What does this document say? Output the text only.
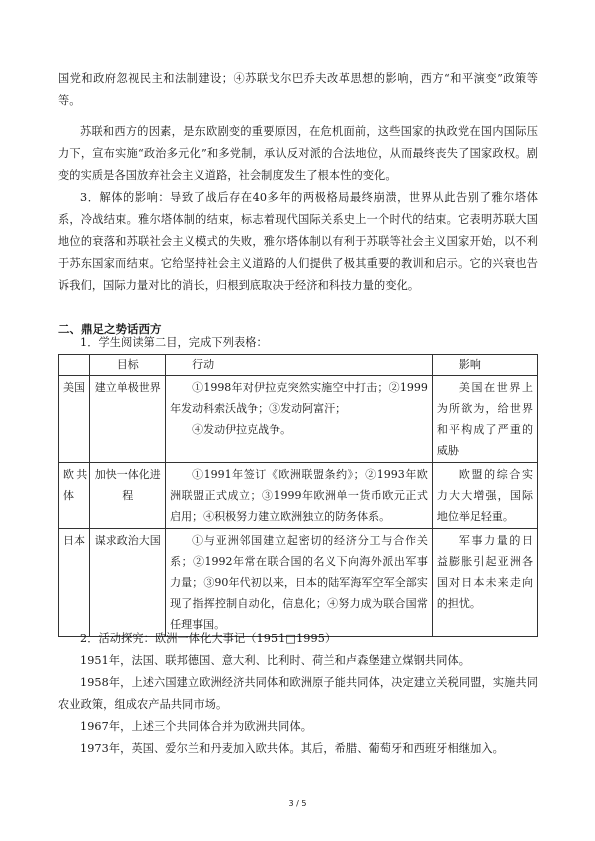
国党和政府忽视民主和法制建设；④苏联戈尔巴乔夫改革思想的影响，西方“和平演变”政策等等。
苏联和西方的因素，是东欧剧变的重要原因，在危机面前，这些国家的执政党在国内国际压力下，宣布实施“政治多元化”和多党制，承认反对派的合法地位，从而最终丧失了国家政权。剧变的实质是各国放弃社会主义道路，社会制度发生了根本性的变化。
3．解体的影响：导致了战后存在40多年的两极格局最终崩溃，世界从此告别了雅尔塔体系，冷战结束。雅尔塔体制的结束，标志着现代国际关系史上一个时代的结束。它表明苏联大国地位的衰落和苏联社会主义模式的失败，雅尔塔体制以有利于苏联等社会主义国家开始，以不利于苏东国家而结束。它给坚持社会主义道路的人们提供了极其重要的教训和启示。它的兴衰也告诉我们，国际力量对比的消长，归根到底取决于经济和科技力量的变化。
二、鼎足之势话西方
1．学生阅读第二目，完成下列表格：
	目标	行动	影响

美国	建立单极世界	①1998年对伊拉克突然实施空中打击；②1999年发动科索沃战争；③发动阿富汗；
④发动伊拉克战争。	美国在世界上为所欲为，给世界和平构成了严重的威胁

欧共体	加快一体化进程	①1991年签订《欧洲联盟条约》；②1993年欧洲联盟正式成立；③1999年欧洲单一货币欧元正式启用；④积极努力建立欧洲独立的防务体系。	欧盟的综合实力大大增强，国际地位举足轻重。

日本	谋求政治大国	①与亚洲邻国建立起密切的经济分工与合作关系；②1992年常在联合国的名义下向海外派出军事力量；③90年代初以来，日本的陆军海军空军全部实现了指挥控制自动化，信息化；④努力成为联合国常任理事国。	军事力量的日益膨胀引起亚洲各国对日本未来走向的担忧。
2．活动探究：欧洲一体化大事记（1951□1995）
1951年，法国、联邦德国、意大利、比利时、荷兰和卢森堡建立煤钢共同体。
1958年，上述六国建立欧洲经济共同体和欧洲原子能共同体，决定建立关税同盟，实施共同农业政策，组成农产品共同市场。
1967年，上述三个共同体合并为欧洲共同体。
1973年，英国、爱尔兰和丹麦加入欧共体。其后，希腊、葡萄牙和西班牙相继加入。
3 / 5
